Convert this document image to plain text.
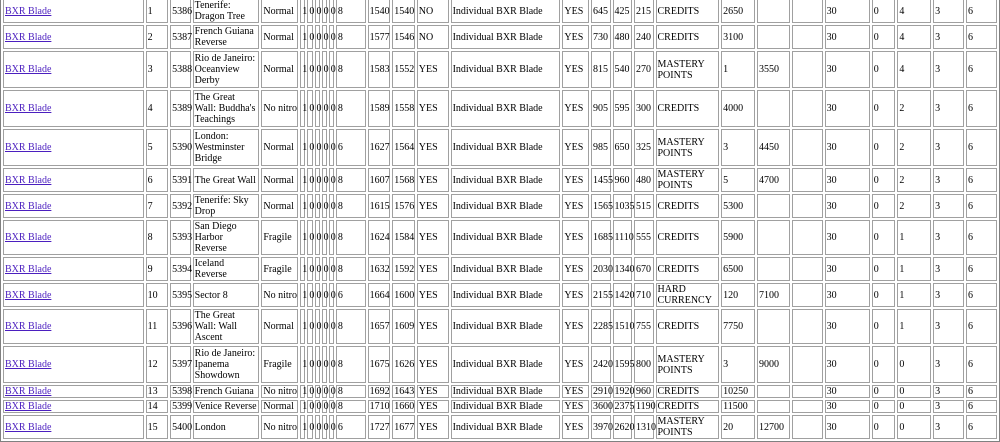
BXR Blade	1	5386	Tenerife: Dragon Tree	Normal	1	0	0	0	0	8	1540	1540	NO	Individual BXR Blade	YES	645	425	215	CREDITS	2650			30	0	4	3	6
BXR Blade	2	5387	French Guiana Reverse	Normal	1	0	0	0	0	8	1577	1546	NO	Individual BXR Blade	YES	730	480	240	CREDITS	3100			30	0	4	3	6
BXR Blade	3	5388	Rio de Janeiro: Oceanview Derby	Normal	1	0	0	0	0	8	1583	1552	YES	Individual BXR Blade	YES	815	540	270	MASTERY POINTS	1	3550		30	0	4	3	6
BXR Blade	4	5389	The Great Wall: Buddha's Teachings	No nitro	1	0	0	0	0	8	1589	1558	YES	Individual BXR Blade	YES	905	595	300	CREDITS	4000			30	0	2	3	6
BXR Blade	5	5390	London: Westminster Bridge	Normal	1	0	0	0	0	6	1627	1564	YES	Individual BXR Blade	YES	985	650	325	MASTERY POINTS	3	4450		30	0	2	3	6
BXR Blade	6	5391	The Great Wall	Normal	1	0	0	0	0	8	1607	1568	YES	Individual BXR Blade	YES	1455	960	480	MASTERY POINTS	5	4700		30	0	2	3	6
BXR Blade	7	5392	Tenerife: Sky Drop	Normal	1	0	0	0	0	8	1615	1576	YES	Individual BXR Blade	YES	1565	1035	515	CREDITS	5300			30	0	2	3	6
BXR Blade	8	5393	San Diego Harbor Reverse	Fragile	1	0	0	0	0	8	1624	1584	YES	Individual BXR Blade	YES	1685	1110	555	CREDITS	5900			30	0	1	3	6
BXR Blade	9	5394	Iceland Reverse	Fragile	1	0	0	0	0	8	1632	1592	YES	Individual BXR Blade	YES	2030	1340	670	CREDITS	6500			30	0	1	3	6
BXR Blade	10	5395	Sector 8	No nitro	1	0	0	0	0	6	1664	1600	YES	Individual BXR Blade	YES	2155	1420	710	HARD CURRENCY	120	7100		30	0	1	3	6
BXR Blade	11	5396	The Great Wall: Wall Ascent	Normal	1	0	0	0	0	8	1657	1609	YES	Individual BXR Blade	YES	2285	1510	755	CREDITS	7750			30	0	1	3	6
BXR Blade	12	5397	Rio de Janeiro: Ipanema Showdown	Fragile	1	0	0	0	0	8	1675	1626	YES	Individual BXR Blade	YES	2420	1595	800	MASTERY POINTS	3	9000		30	0	0	3	6
BXR Blade	13	5398	French Guiana	No nitro	1	0	0	0	0	8	1692	1643	YES	Individual BXR Blade	YES	2910	1920	960	CREDITS	10250			30	0	0	3	6
BXR Blade	14	5399	Venice Reverse	Normal	1	0	0	0	0	8	1710	1660	YES	Individual BXR Blade	YES	3600	2375	1190	CREDITS	11500			30	0	0	3	6
BXR Blade	15	5400	London	No nitro	1	0	0	0	0	6	1727	1677	YES	Individual BXR Blade	YES	3970	2620	1310	MASTERY POINTS	20	12700		30	0	0	3	6
